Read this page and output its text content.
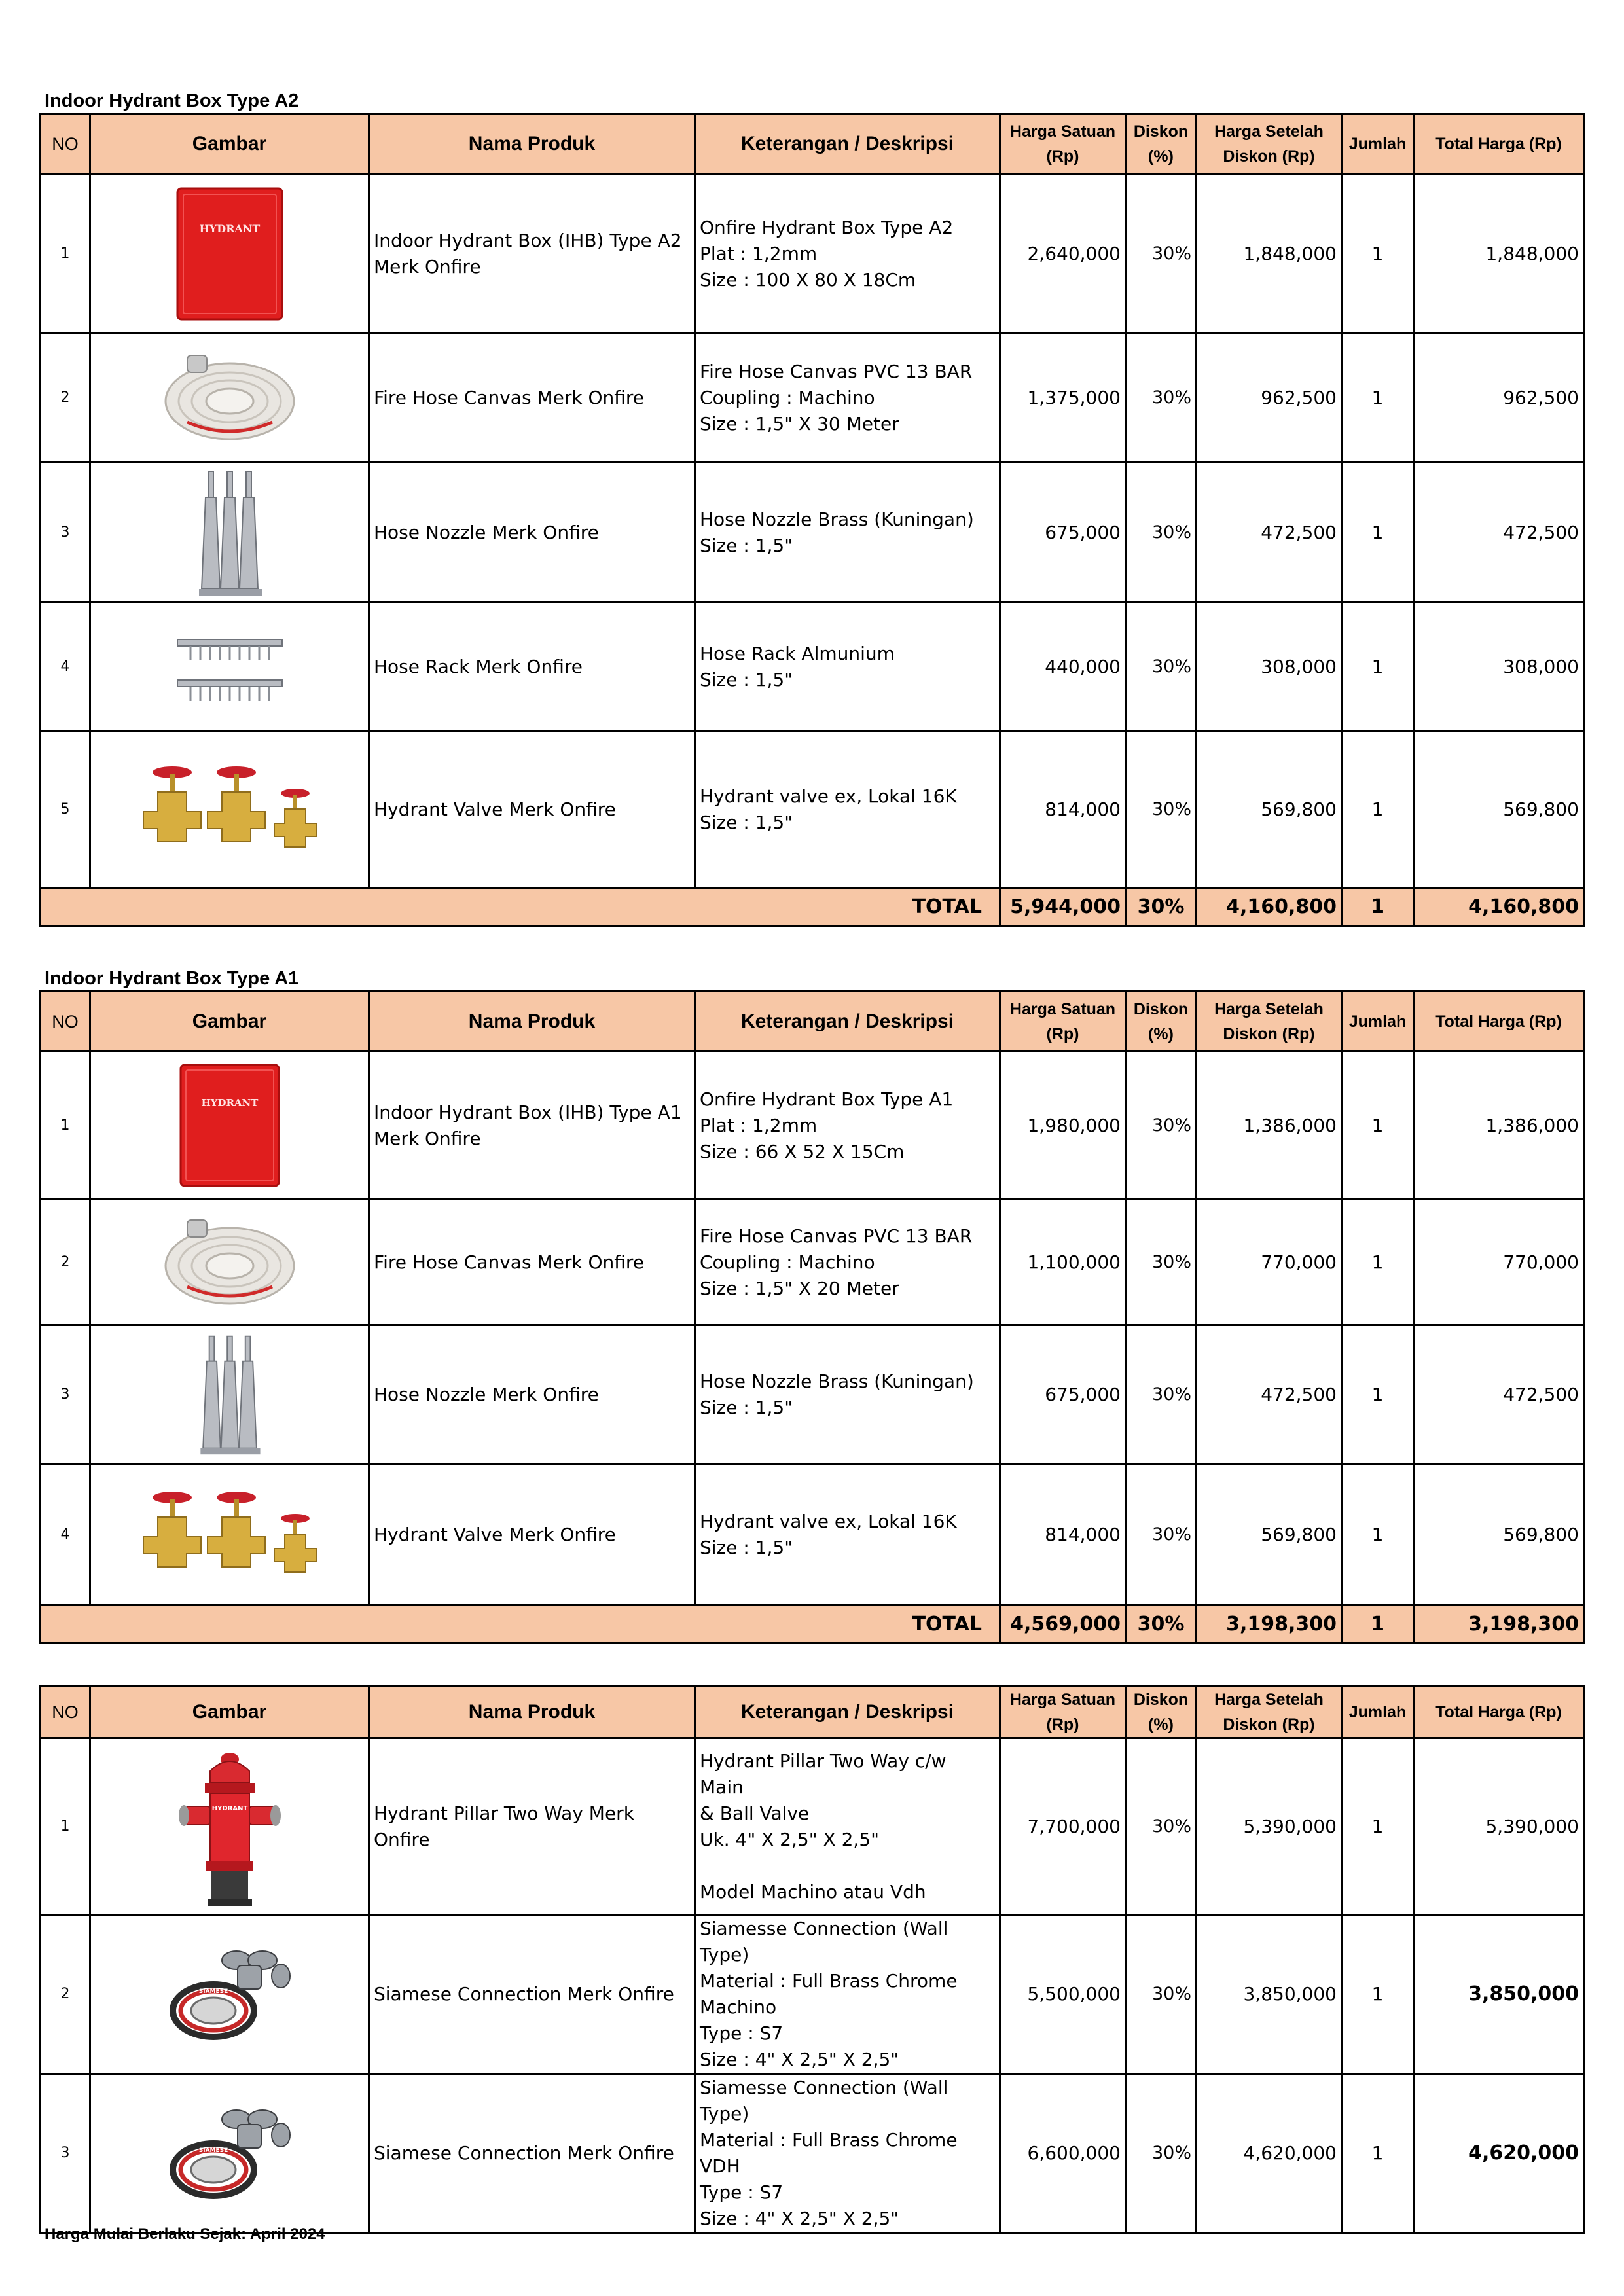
Indoor Hydrant Box Type A2
NO	Gambar	Nama Produk	Keterangan / Deskripsi	Harga Satuan
(Rp)	Diskon
(%)	Harga Setelah
Diskon (Rp)	Jumlah	Total Harga (Rp)
1	HYDRANT	Indoor Hydrant Box (IHB) Type A2
Merk Onfire	Onfire Hydrant Box Type A2
Plat : 1,2mm
Size : 100 X 80 X 18Cm	2,640,000	30%	1,848,000	1	1,848,000
2		Fire Hose Canvas Merk Onfire	Fire Hose Canvas PVC 13 BAR
Coupling : Machino
Size : 1,5" X 30 Meter	1,375,000	30%	962,500	1	962,500
3		Hose Nozzle Merk Onfire	Hose Nozzle Brass (Kuningan)
Size : 1,5"	675,000	30%	472,500	1	472,500
4		Hose Rack Merk Onfire	Hose Rack Almunium
Size : 1,5"	440,000	30%	308,000	1	308,000
5		Hydrant Valve Merk Onfire	Hydrant valve ex, Lokal 16K
Size : 1,5"	814,000	30%	569,800	1	569,800
TOTAL				5,944,000	30%	4,160,800	1	4,160,800
Indoor Hydrant Box Type A1
NO	Gambar	Nama Produk	Keterangan / Deskripsi	Harga Satuan
(Rp)	Diskon
(%)	Harga Setelah
Diskon (Rp)	Jumlah	Total Harga (Rp)
1	HYDRANT	Indoor Hydrant Box (IHB) Type A1
Merk Onfire	Onfire Hydrant Box Type A1
Plat : 1,2mm
Size : 66 X 52 X 15Cm	1,980,000	30%	1,386,000	1	1,386,000
2		Fire Hose Canvas Merk Onfire	Fire Hose Canvas PVC 13 BAR
Coupling : Machino
Size : 1,5" X 20 Meter	1,100,000	30%	770,000	1	770,000
3		Hose Nozzle Merk Onfire	Hose Nozzle Brass (Kuningan)
Size : 1,5"	675,000	30%	472,500	1	472,500
4		Hydrant Valve Merk Onfire	Hydrant valve ex, Lokal 16K
Size : 1,5"	814,000	30%	569,800	1	569,800
TOTAL				4,569,000	30%	3,198,300	1	3,198,300
NO	Gambar	Nama Produk	Keterangan / Deskripsi	Harga Satuan
(Rp)	Diskon
(%)	Harga Setelah
Diskon (Rp)	Jumlah	Total Harga (Rp)
1	HYDRANT	Hydrant Pillar Two Way Merk Onfire	Hydrant Pillar Two Way c/w Main
& Ball Valve
Uk. 4" X 2,5" X 2,5"

Model Machino atau Vdh	7,700,000	30%	5,390,000	1	5,390,000
2	SIAMESE	Siamese Connection Merk Onfire	Siamesse Connection (Wall Type)
Material : Full Brass Chrome
Machino
Type : S7
Size : 4" X 2,5" X 2,5"	5,500,000	30%	3,850,000	1	3,850,000
3	SIAMESE	Siamese Connection Merk Onfire	Siamesse Connection (Wall Type)
Material : Full Brass Chrome
VDH
Type : S7
Size : 4" X 2,5" X 2,5"	6,600,000	30%	4,620,000	1	4,620,000
Harga Mulai Berlaku Sejak: April 2024
